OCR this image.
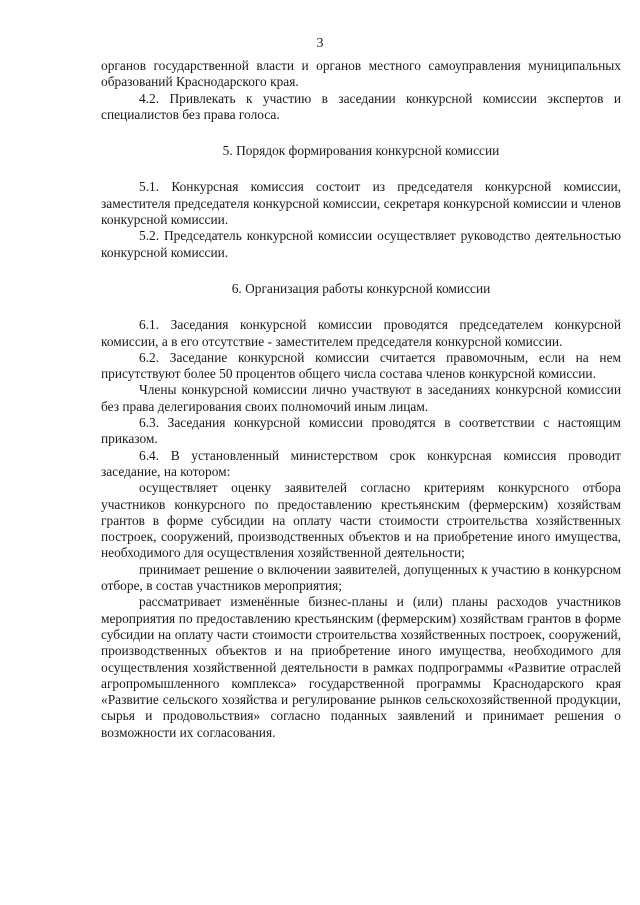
3

органов государственной власти и органов местного самоуправления муниципальных образований Краснодарского края.

4.2. Привлекать к участию в заседании конкурсной комиссии экспертов и специалистов без права голоса.

5. Порядок формирования конкурсной комиссии

5.1. Конкурсная комиссия состоит из председателя конкурсной комиссии, заместителя председателя конкурсной комиссии, секретаря конкурсной комиссии и членов конкурсной комиссии.

5.2. Председатель конкурсной комиссии осуществляет руководство деятельностью конкурсной комиссии.

6. Организация работы конкурсной комиссии

6.1. Заседания конкурсной комиссии проводятся председателем конкурсной комиссии, а в его отсутствие - заместителем председателя конкурсной комиссии.

6.2. Заседание конкурсной комиссии считается правомочным, если на нем присутствуют более 50 процентов общего числа состава членов конкурсной комиссии.

Члены конкурсной комиссии лично участвуют в заседаниях конкурсной комиссии без права делегирования своих полномочий иным лицам.

6.3. Заседания конкурсной комиссии проводятся в соответствии с настоящим приказом.

6.4. В установленный министерством срок конкурсная комиссия проводит заседание, на котором:

осуществляет оценку заявителей согласно критериям конкурсного отбора участников конкурсного по предоставлению крестьянским (фермерским) хозяйствам грантов в форме субсидии на оплату части стоимости строительства хозяйственных построек, сооружений, производственных объектов и на приобретение иного имущества, необходимого для осуществления хозяйственной деятельности;

принимает решение о включении заявителей, допущенных к участию в конкурсном отборе, в состав участников мероприятия;

рассматривает изменённые бизнес-планы и (или) планы расходов участников мероприятия по предоставлению крестьянским (фермерским) хозяйствам грантов в форме субсидии на оплату части стоимости строительства хозяйственных построек, сооружений, производственных объектов и на приобретение иного имущества, необходимого для осуществления хозяйственной деятельности в рамках подпрограммы «Развитие отраслей агропромышленного комплекса» государственной программы Краснодарского края «Развитие сельского хозяйства и регулирование рынков сельскохозяйственной продукции, сырья и продовольствия» согласно поданных заявлений и принимает решения о возможности их согласования.
